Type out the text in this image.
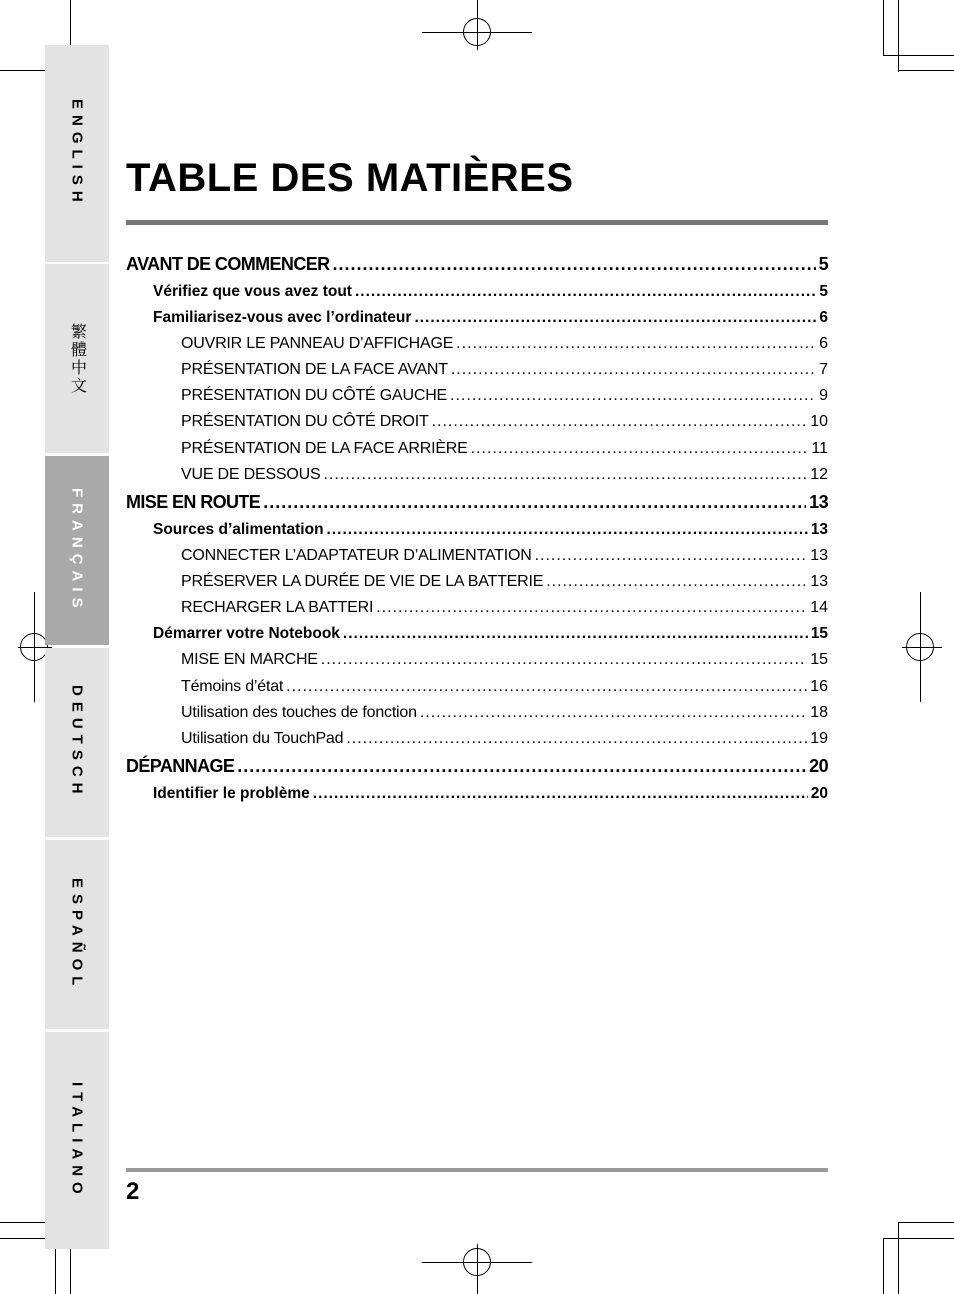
ENGLISH
繁體中文
FRANÇAIS
DEUTSCH
ESPAÑOL
ITALIANO
TABLE DES MATIÈRES
AVANT DE COMMENCER .....	5
Vérifiez que vous avez tout .....	5
Familiarisez-vous avec l’ordinateur .....	6
OUVRIR LE PANNEAU D’AFFICHAGE .....	6
PRÉSENTATION DE LA FACE AVANT .....	7
PRÉSENTATION DU CÔTÉ GAUCHE .....	9
PRÉSENTATION DU CÔTÉ DROIT .....	10
PRÉSENTATION DE LA FACE ARRIÈRE .....	11
VUE DE DESSOUS .....	12
MISE EN ROUTE .....	13
Sources d’alimentation .....	13
CONNECTER L’ADAPTATEUR D’ALIMENTATION .....	13
PRÉSERVER LA DURÉE DE VIE DE LA BATTERIE .....	13
RECHARGER LA BATTERI .....	14
Démarrer votre Notebook .....	15
MISE EN MARCHE .....	15
Témoins d’état .....	16
Utilisation des touches de fonction .....	18
Utilisation du TouchPad .....	19
DÉPANNAGE .....	20
Identifier le problème .....	20
2
